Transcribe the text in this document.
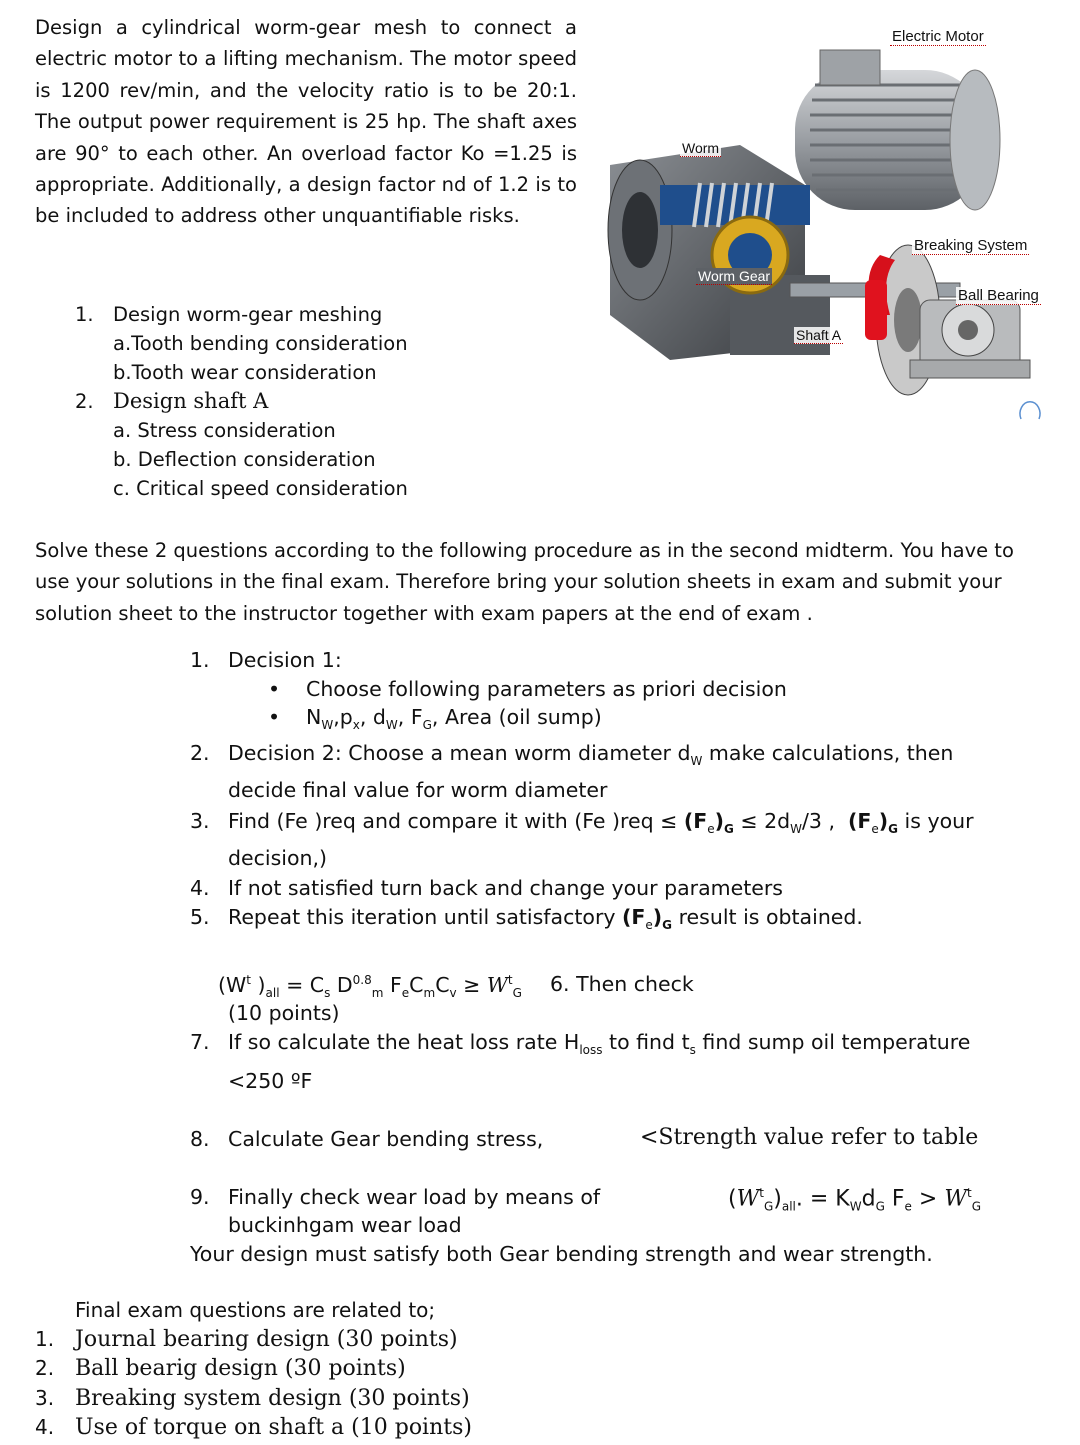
Design a cylindrical worm-gear mesh to connect a electric motor to a lifting mechanism. The motor speed is 1200 rev/min, and the velocity ratio is to be 20:1. The output power requirement is 25 hp. The shaft axes are 90° to each other. An overload factor Ko =1.25 is appropriate. Additionally, a design factor nd of 1.2 is to be included to address other unquantifiable risks.
1. Design worm-gear meshing
a.Tooth bending consideration
b.Tooth wear consideration
2. Design shaft A
a. Stress consideration
b. Deflection consideration
c. Critical speed consideration
Electric Motor
Worm
Worm Gear
Breaking System
Ball Bearing
Shaft A
Solve these 2 questions according to the following procedure as in the second midterm. You have to use your solutions in the final exam. Therefore bring your solution sheets in exam and submit your solution sheet to the instructor together with exam papers at the end of exam .
1. Decision 1:
• Choose following parameters as priori decision
• $N_W,p_x$, $d_W$, $F_G$, Area (oil sump)
2. Decision 2: Choose a mean worm diameter $d_W$ make calculations, then
decide final value for worm diameter
3. Find (Fe )req and compare it with (Fe )$req \le (F_e)_G \le 2d_W/3$ ,  $(F_e)_G$ is your
decision,)
4. If not satisfied turn back and change your parameters
5. Repeat this iteration until satisfactory $(F_e)_G$ result is obtained.
($W^t$ )$_{all} = C_s$ $D^{0.8}_m$ $F_eC_mC_v \ge W^t_G$ 6. Then check
(10 points)
7. If so calculate the heat loss rate $H_{loss}$ to find $t_s$ find sump oil temperature
<250 ºF
8. Calculate Gear bending stress,	<Strength value refer to table
9. Finally check wear load by means of	$(W^t_G)_{all}$. = $K_Wd_G$ $F_e > W^t_G$
buckinhgam wear load
Your design must satisfy both Gear bending strength and wear strength.
Final exam questions are related to;
1. Journal bearing design (30 points)
2. Ball bearig design (30 points)
3. Breaking system design (30 points)
4. Use of torque on shaft a (10 points)
